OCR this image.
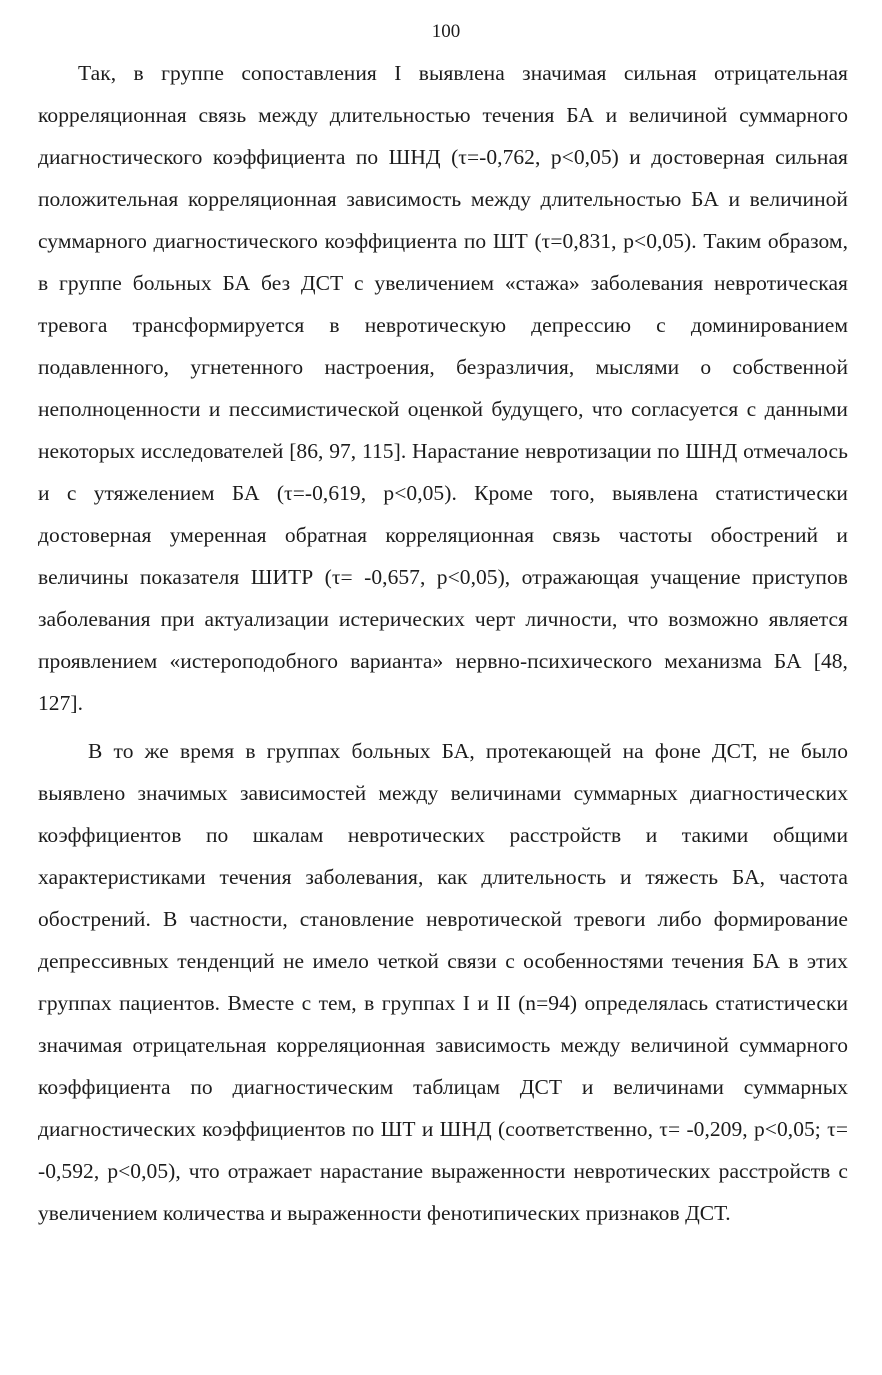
100

Так, в группе сопоставления I выявлена значимая сильная отрицательная корреляционная связь между длительностью течения БА и величиной суммарного диагностического коэффициента по ШНД (τ=-0,762, p<0,05) и достоверная сильная положительная корреляционная зависимость между длительностью БА и величиной суммарного диагностического коэффициента по ШТ (τ=0,831, p<0,05). Таким образом, в группе больных БА без ДСТ с увеличением «стажа» заболевания невротическая тревога трансформируется в невротическую депрессию с доминированием подавленного, угнетенного настроения, безразличия, мыслями о собственной неполноценности и пессимистической оценкой будущего, что согласуется с данными некоторых исследователей [86, 97, 115]. Нарастание невротизации по ШНД отмечалось и с утяжелением БА (τ=-0,619, p<0,05). Кроме того, выявлена статистически достоверная умеренная обратная корреляционная связь частоты обострений и величины показателя ШИТР (τ= -0,657, p<0,05), отражающая учащение приступов заболевания при актуализации истерических черт личности, что возможно является проявлением «истероподобного варианта» нервно-психического механизма БА [48, 127].

В то же время в группах больных БА, протекающей на фоне ДСТ, не было выявлено значимых зависимостей между величинами суммарных диагностических коэффициентов по шкалам невротических расстройств и такими общими характеристиками течения заболевания, как длительность и тяжесть БА, частота обострений. В частности, становление невротической тревоги либо формирование депрессивных тенденций не имело четкой связи с особенностями течения БА в этих группах пациентов. Вместе с тем, в группах I и II (n=94) определялась статистически значимая отрицательная корреляционная зависимость между величиной суммарного коэффициента по диагностическим таблицам ДСТ и величинами суммарных диагностических коэффициентов по ШТ и ШНД (соответственно, τ= -0,209, p<0,05; τ= -0,592, p<0,05), что отражает нарастание выраженности невротических расстройств с увеличением количества и выраженности фенотипических признаков ДСТ.
